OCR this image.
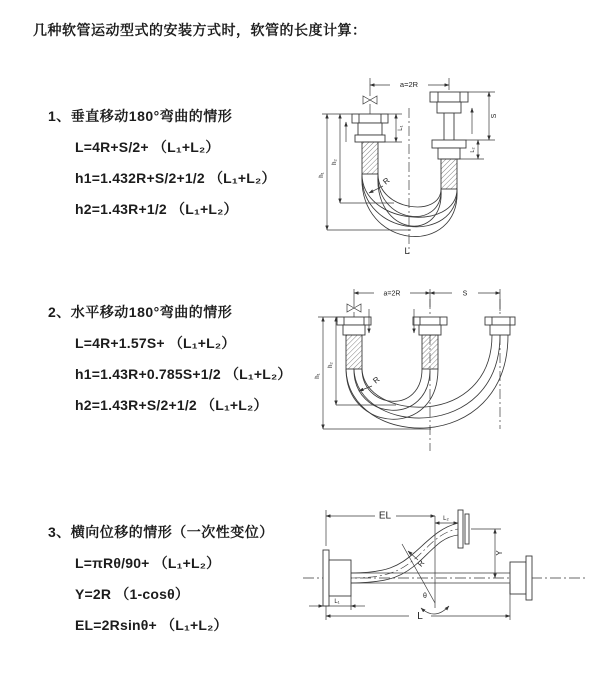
几种软管运动型式的安装方式时，软管的长度计算：

1、垂直移动180°弯曲的情形

L=4R+S/2+ （L₁+L₂）

h1=1.432R+S/2+1/2 （L₁+L₂）

h2=1.43R+1/2 （L₁+L₂）

2、水平移动180°弯曲的情形

L=4R+1.57S+ （L₁+L₂）

h1=1.43R+0.785S+1/2 （L₁+L₂）

h2=1.43R+S/2+1/2 （L₁+L₂）

3、横向位移的情形（一次性变位）

L=πRθ/90+ （L₁+L₂）

Y=2R （1-cosθ）

EL=2Rsinθ+ （L₁+L₂）

a=2R
L₁
S
L₂
h₁
h₂
R
L
a=2R	S
h₁
h₂
R
EL	L₂
Y
R
θ
L
L₁
